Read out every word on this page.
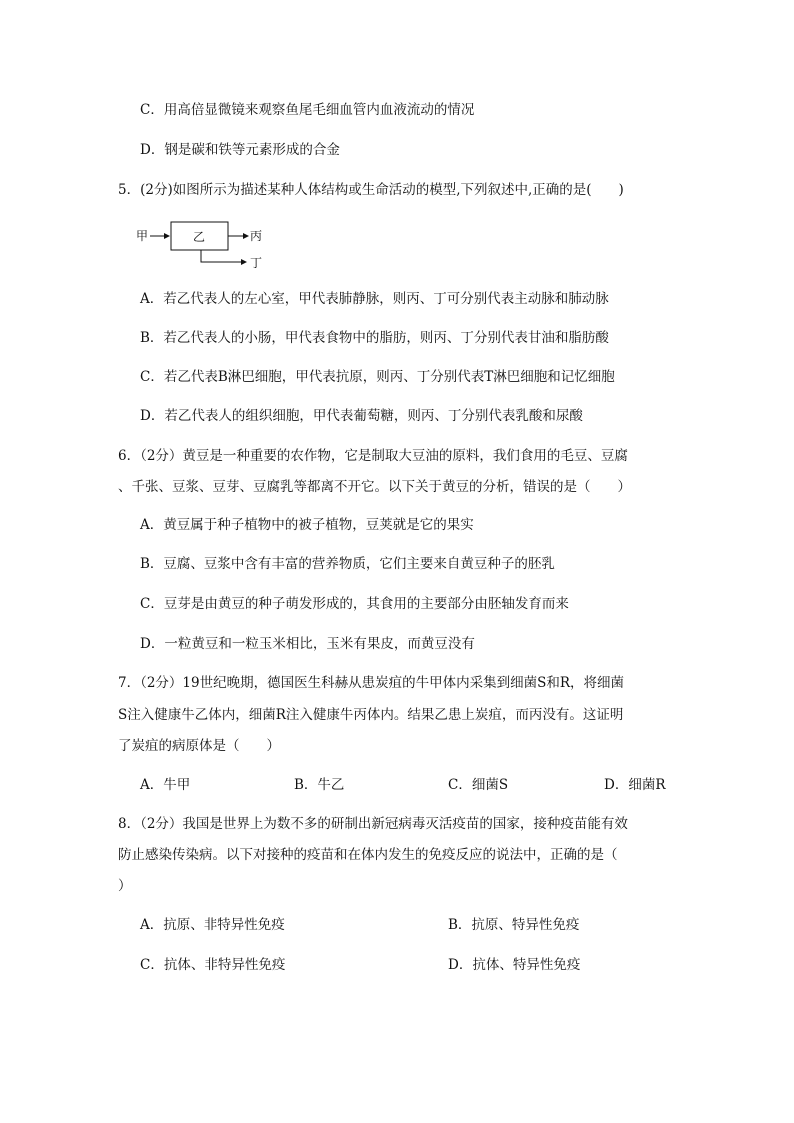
C．用高倍显微镜来观察鱼尾毛细血管内血液流动的情况
D．钢是碳和铁等元素形成的合金
5．(2分)如图所示为描述某种人体结构或生命活动的模型,下列叙述中,正确的是(　　)
甲	乙	丙
丁
A．若乙代表人的左心室，甲代表肺静脉，则丙、丁可分别代表主动脉和肺动脉
B．若乙代表人的小肠，甲代表食物中的脂肪，则丙、丁分别代表甘油和脂肪酸
C．若乙代表B淋巴细胞，甲代表抗原，则丙、丁分别代表T淋巴细胞和记忆细胞
D．若乙代表人的组织细胞，甲代表葡萄糖，则丙、丁分别代表乳酸和尿酸
6．（2分）黄豆是一种重要的农作物，它是制取大豆油的原料，我们食用的毛豆、豆腐
、千张、豆浆、豆芽、豆腐乳等都离不开它。以下关于黄豆的分析，错误的是（　　）
A．黄豆属于种子植物中的被子植物，豆荚就是它的果实
B．豆腐、豆浆中含有丰富的营养物质，它们主要来自黄豆种子的胚乳
C．豆芽是由黄豆的种子萌发形成的，其食用的主要部分由胚轴发育而来
D．一粒黄豆和一粒玉米相比，玉米有果皮，而黄豆没有
7．（2分）19世纪晚期，德国医生科赫从患炭疽的牛甲体内采集到细菌S和R，将细菌
S注入健康牛乙体内，细菌R注入健康牛丙体内。结果乙患上炭疽，而丙没有。这证明
了炭疽的病原体是（　　）
A．牛甲	B．牛乙	C．细菌S	D．细菌R
8．（2分）我国是世界上为数不多的研制出新冠病毒灭活疫苗的国家，接种疫苗能有效
防止感染传染病。以下对接种的疫苗和在体内发生的免疫反应的说法中，正确的是（
）
A．抗原、非特异性免疫	B．抗原、特异性免疫
C．抗体、非特异性免疫	D．抗体、特异性免疫
